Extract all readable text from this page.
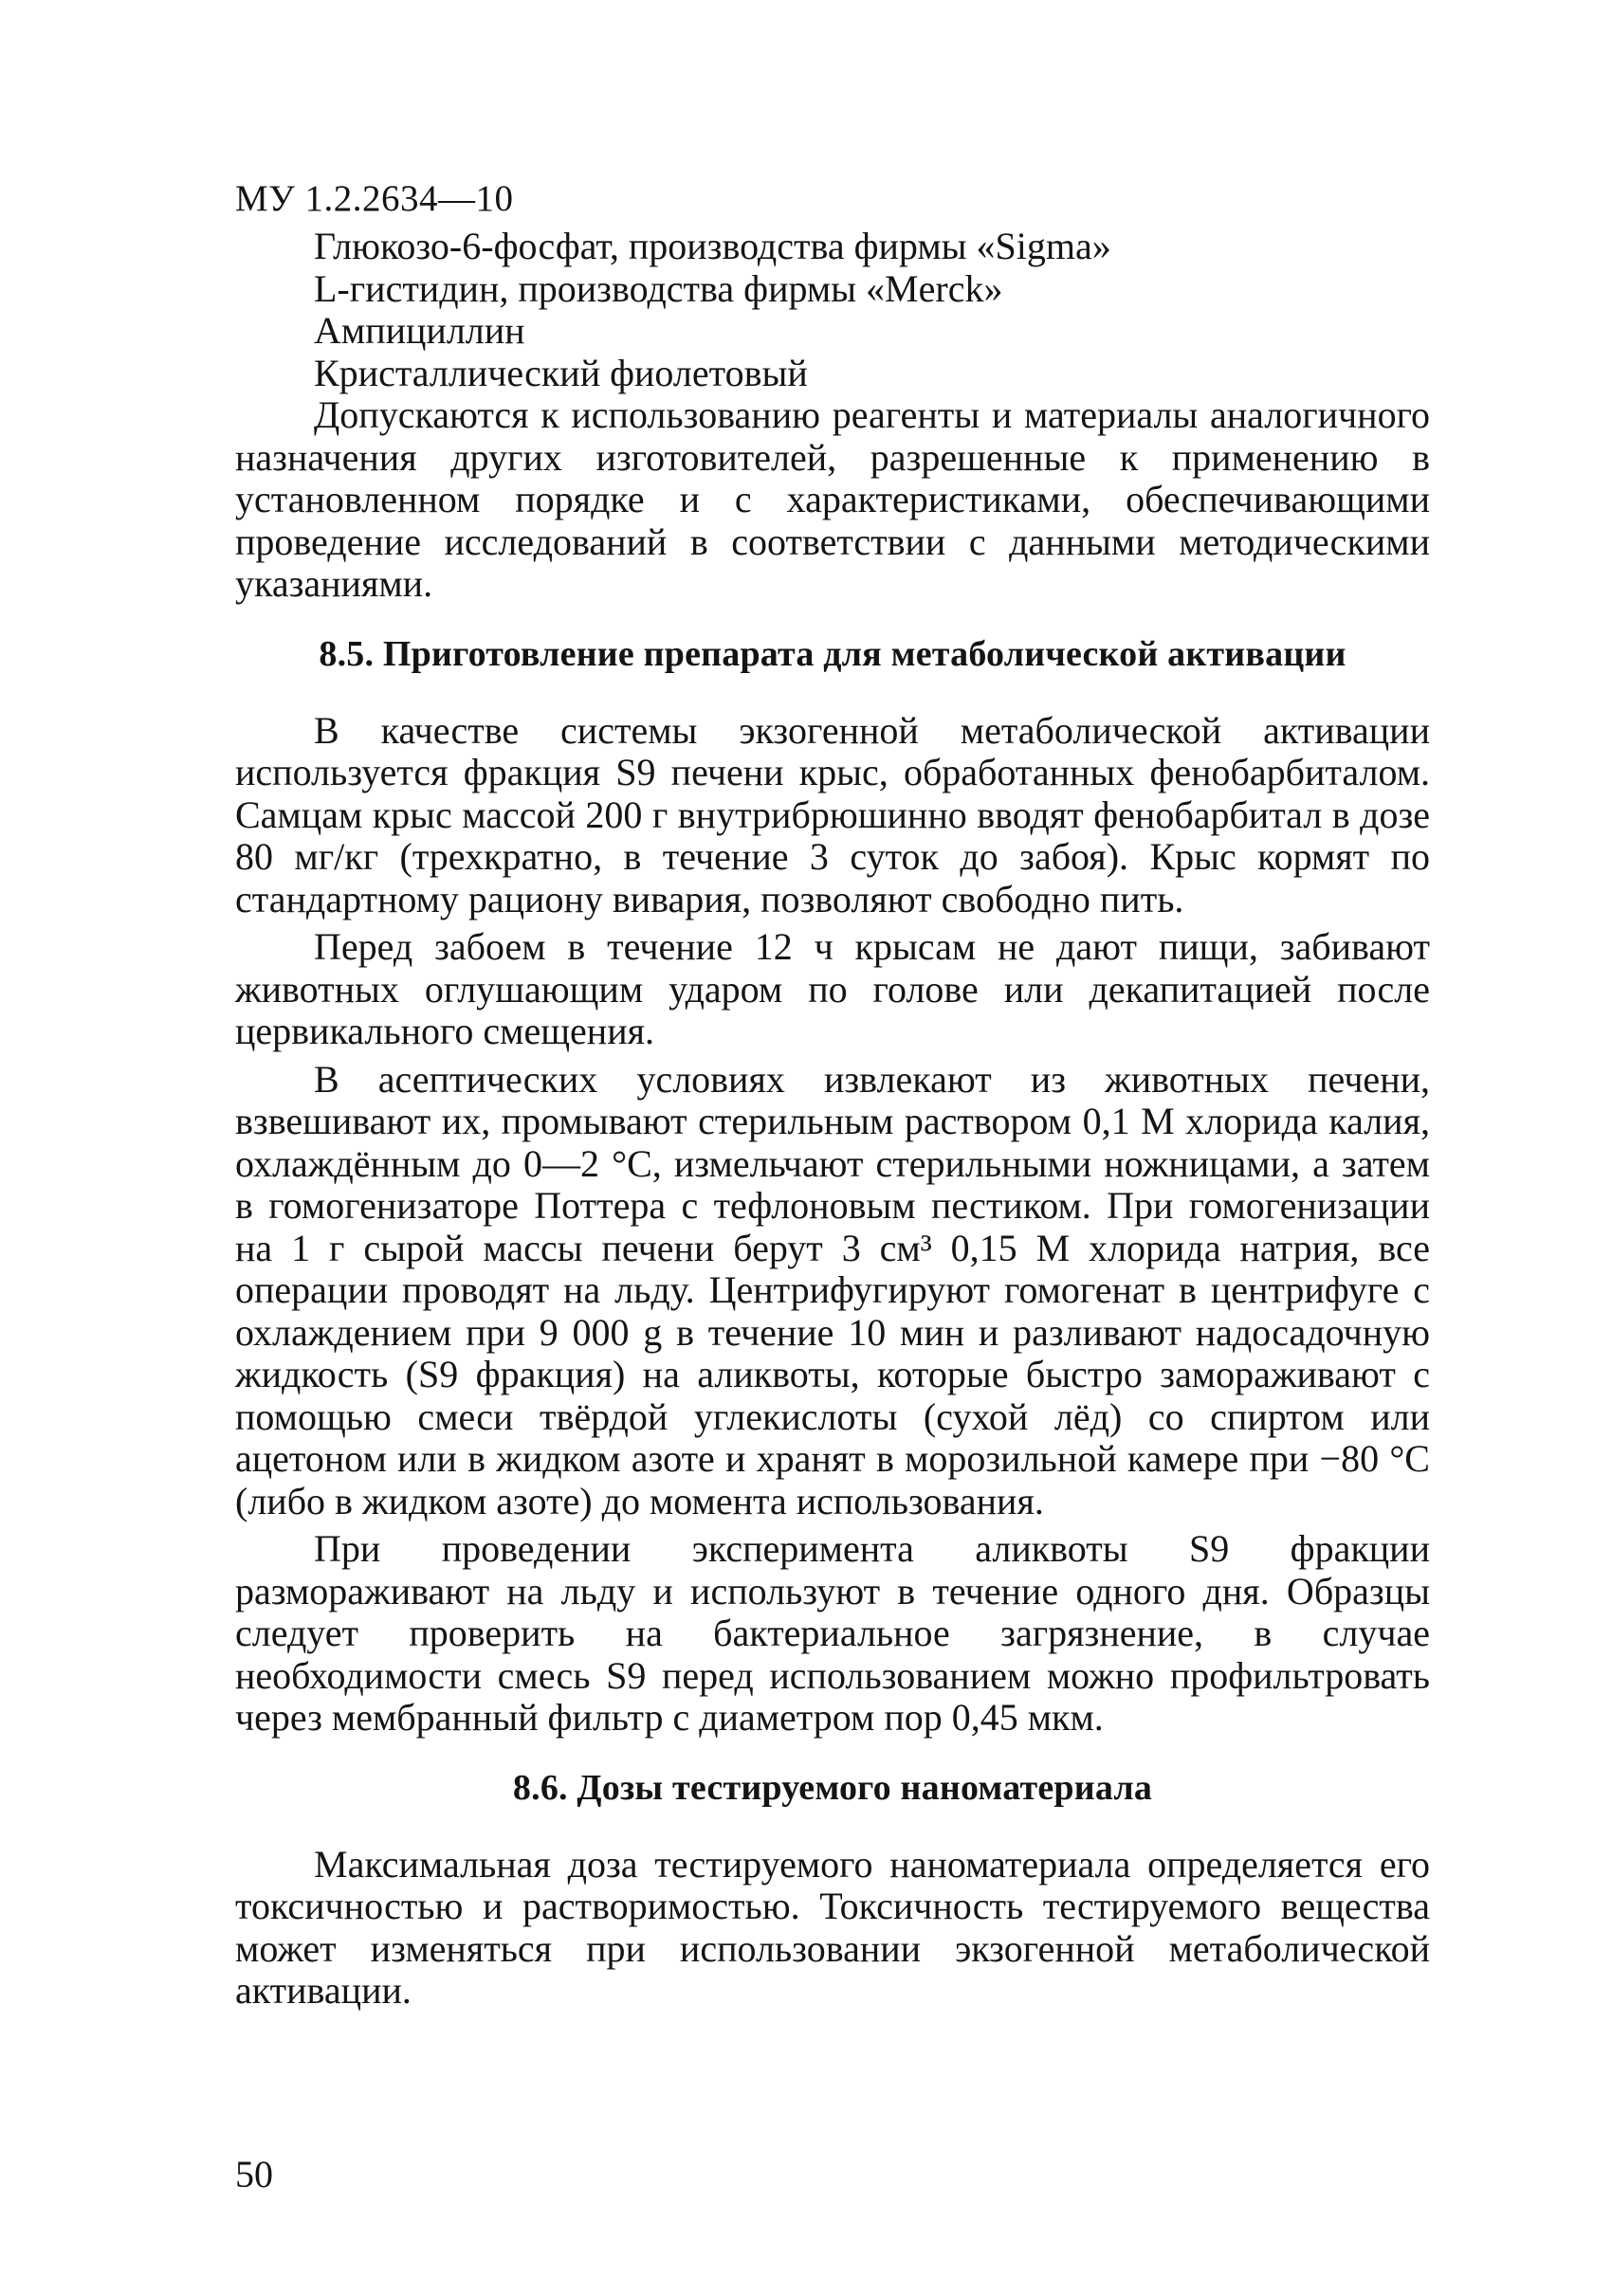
МУ 1.2.2634—10
Глюкозо-6-фосфат, производства фирмы «Sigma»
L-гистидин, производства фирмы «Merck»
Ампициллин
Кристаллический фиолетовый

Допускаются к использованию реагенты и материалы аналогичного назначения других изготовителей, разрешенные к применению в установленном порядке и с характеристиками, обеспечивающими проведение исследований в соответствии с данными методическими указаниями.

8.5. Приготовление препарата для метаболической активации

В качестве системы экзогенной метаболической активации используется фракция S9 печени крыс, обработанных фенобарбиталом. Самцам крыс массой 200 г внутрибрюшинно вводят фенобарбитал в дозе 80 мг/кг (трехкратно, в течение 3 суток до забоя). Крыс кормят по стандартному рациону вивария, позволяют свободно пить.

Перед забоем в течение 12 ч крысам не дают пищи, забивают животных оглушающим ударом по голове или декапитацией после цервикального смещения.

В асептических условиях извлекают из животных печени, взвешивают их, промывают стерильным раствором 0,1 М хлорида калия, охлаждённым до 0—2 °С, измельчают стерильными ножницами, а затем в гомогенизаторе Поттера с тефлоновым пестиком. При гомогенизации на 1 г сырой массы печени берут 3 см³ 0,15 М хлорида натрия, все операции проводят на льду. Центрифугируют гомогенат в центрифуге с охлаждением при 9 000 g в течение 10 мин и разливают надосадочную жидкость (S9 фракция) на аликвоты, которые быстро замораживают с помощью смеси твёрдой углекислоты (сухой лёд) со спиртом или ацетоном или в жидком азоте и хранят в морозильной камере при −80 °С (либо в жидком азоте) до момента использования.

При проведении эксперимента аликвоты S9 фракции размораживают на льду и используют в течение одного дня. Образцы следует проверить на бактериальное загрязнение, в случае необходимости смесь S9 перед использованием можно профильтровать через мембранный фильтр с диаметром пор 0,45 мкм.

8.6. Дозы тестируемого наноматериала

Максимальная доза тестируемого наноматериала определяется его токсичностью и растворимостью. Токсичность тестируемого вещества может изменяться при использовании экзогенной метаболической активации.

50
